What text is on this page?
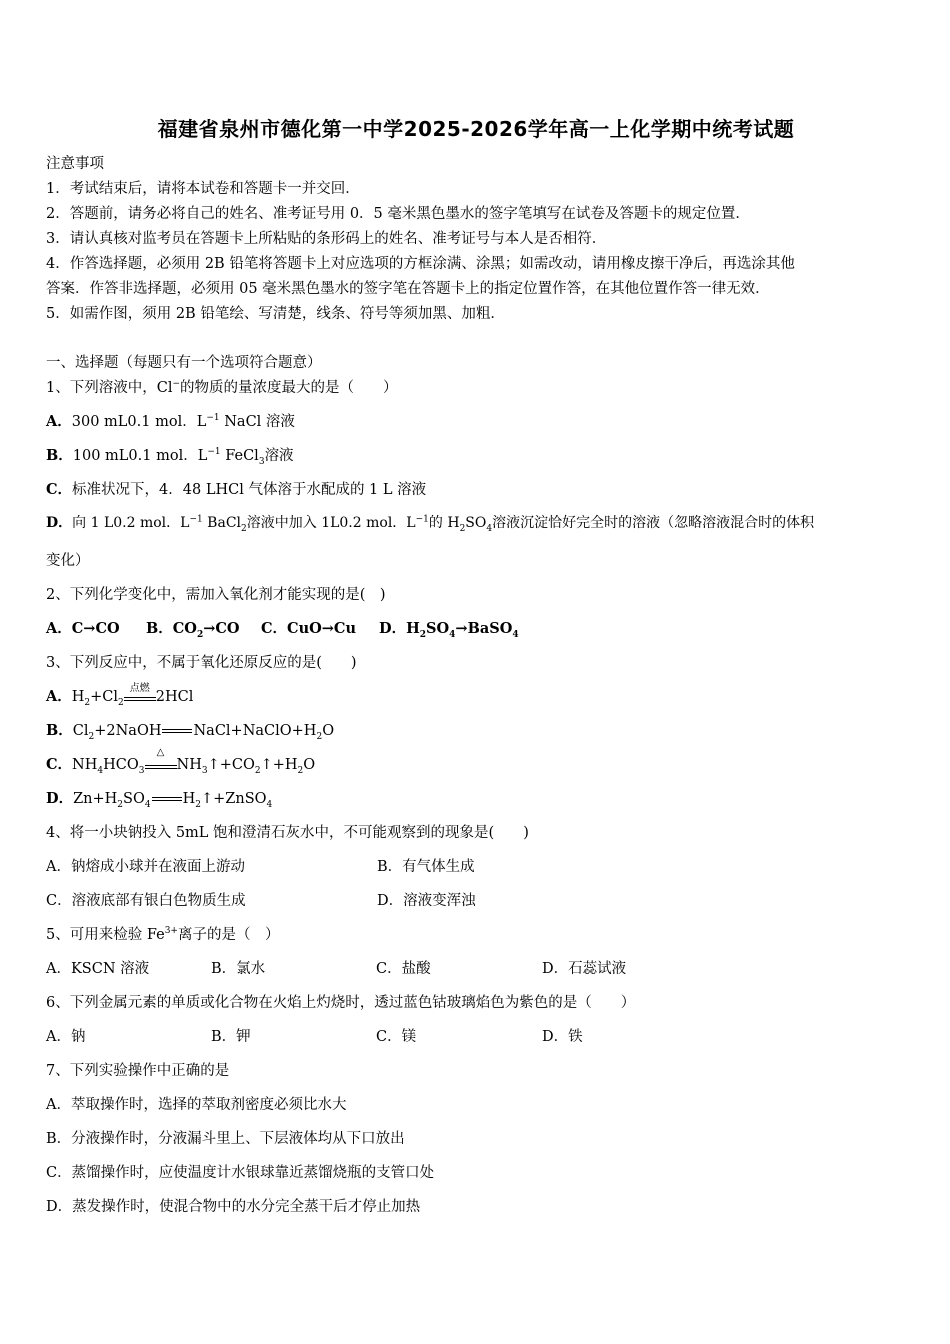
福建省泉州市德化第一中学2025-2026学年高一上化学期中统考试题
注意事项
1．考试结束后，请将本试卷和答题卡一并交回．
2．答题前，请务必将自己的姓名、准考证号用 0．5 毫米黑色墨水的签字笔填写在试卷及答题卡的规定位置．
3．请认真核对监考员在答题卡上所粘贴的条形码上的姓名、准考证号与本人是否相符．
4．作答选择题，必须用 2B 铅笔将答题卡上对应选项的方框涂满、涂黑；如需改动，请用橡皮擦干净后，再选涂其他
答案．作答非选择题，必须用 05 毫米黑色墨水的签字笔在答题卡上的指定位置作答，在其他位置作答一律无效．
5．如需作图，须用 2B 铅笔绘、写清楚，线条、符号等须加黑、加粗．
一、选择题（每题只有一个选项符合题意）
1、下列溶液中，Cl−的物质的量浓度最大的是（　　）
A．300 mL0.1 mol．$L^{-1}$ NaCl 溶液
B．100 mL0.1 mol．$L^{-1}$ FeCl$_3$溶液
C．标准状况下，4．48 LHCl 气体溶于水配成的 1 L 溶液
D．向 1 L0.2 mol．$L^{-1}$ BaCl$_2$溶液中加入 1L0.2 mol．$L^{-1}$的 $H_2SO_4$溶液沉淀恰好完全时的溶液（忽略溶液混合时的体积
变化）
2、下列化学变化中，需加入氧化剂才能实现的是(　)
A．C→CO B．$CO_2\to CO$ C．CuO→Cu D．$H_2SO_4\to BaSO_4$
3、下列反应中，不属于氧化还原反应的是(　　)
A．$H_2+Cl_2$
点燃
2HCl
B．$Cl_2+2NaOH$ $NaCl+NaClO+H_2O$
C．$NH_4HCO_3$
△
$NH_3↑+CO_2↑+H_2O$
D．$Zn+H_2SO_4$ $H_2↑+ZnSO_4$
4、将一小块钠投入 5mL 饱和澄清石灰水中，不可能观察到的现象是(　　)
A．钠熔成小球并在液面上游动	B．有气体生成
C．溶液底部有银白色物质生成	D．溶液变浑浊
5、可用来检验 $Fe^{3+}$离子的是（　）
A．KSCN 溶液	B．氯水	C．盐酸	D．石蕊试液
6、下列金属元素的单质或化合物在火焰上灼烧时，透过蓝色钴玻璃焰色为紫色的是（　　）
A．钠	B．钾	C．镁	D．铁
7、下列实验操作中正确的是
A．萃取操作时，选择的萃取剂密度必须比水大
B．分液操作时，分液漏斗里上、下层液体均从下口放出
C．蒸馏操作时，应使温度计水银球靠近蒸馏烧瓶的支管口处
D．蒸发操作时，使混合物中的水分完全蒸干后才停止加热
